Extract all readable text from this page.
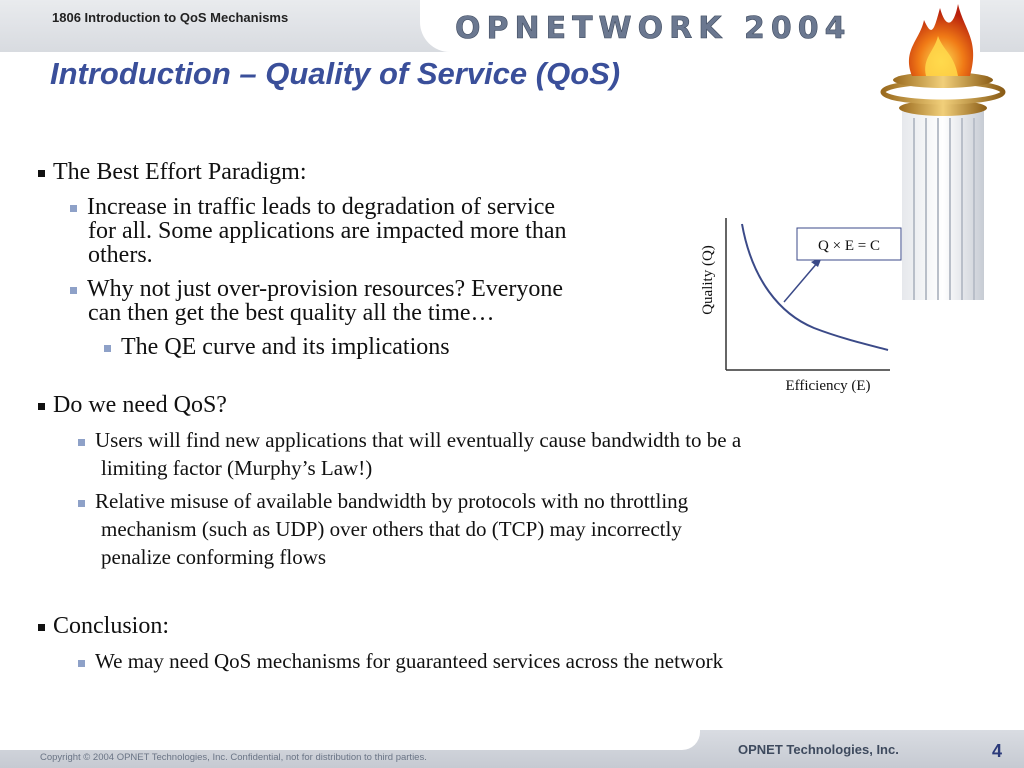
1806 Introduction to QoS Mechanisms	OPNETWORK 2004
Introduction – Quality of Service (QoS)

The Best Effort Paradigm:

Increase in traffic leads to degradation of service

for all. Some applications are impacted more than

others.

Why not just over-provision resources? Everyone

can then get the best quality all the time…

The QE curve and its implications

Q × E = C
Quality (Q)
Efficiency (E)

Do we need QoS?

Users will find new applications that will eventually cause bandwidth to be a

limiting factor (Murphy’s Law!)

Relative misuse of available bandwidth by protocols with no throttling

mechanism (such as UDP) over others that do (TCP) may incorrectly

penalize conforming flows

Conclusion:

We may need QoS mechanisms for guaranteed services across the network

Copyright © 2004 OPNET Technologies, Inc. Confidential, not for distribution to third parties.
OPNET Technologies, Inc.	4
